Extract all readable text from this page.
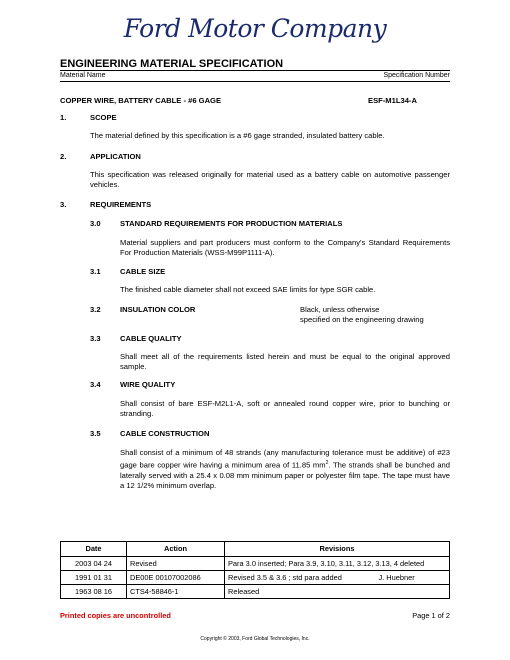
Ford Motor Company
ENGINEERING MATERIAL SPECIFICATION
Material Name	Specification Number
COPPER WIRE, BATTERY CABLE - #6 GAGE	ESF-M1L34-A
1.	SCOPE
The material defined by this specification is a #6 gage stranded, insulated battery cable.
2.	APPLICATION
This specification was released originally for material used as a battery cable on automotive passenger vehicles.
3.	REQUIREMENTS
3.0	STANDARD REQUIREMENTS FOR PRODUCTION MATERIALS
Material suppliers and part producers must conform to the Company's Standard Requirements For Production Materials (WSS-M99P1111-A).
3.1	CABLE SIZE
The finished cable diameter shall not exceed SAE limits for type SGR cable.
3.2	INSULATION COLOR	Black, unless otherwise
specified on the engineering drawing
3.3	CABLE QUALITY
Shall meet all of the requirements listed herein and must be equal to the original approved sample.
3.4	WIRE QUALITY
Shall consist of bare ESF-M2L1-A, soft or annealed round copper wire, prior to bunching or stranding.
3.5	CABLE CONSTRUCTION
Shall consist of a minimum of 48 strands (any manufacturing tolerance must be additive) of #23 gage bare copper wire having a minimum area of 11.85 $mm^2$. The strands shall be bunched and laterally served with a 25.4 x 0.08 mm minimum paper or polyester film tape. The tape must have a 12 1/2% minimum overlap.
Date	Action	Revisions
2003 04 24	Revised	Para 3.0 inserted; Para 3.9, 3.10, 3.11, 3.12, 3.13, 4 deleted
1991 01 31	DE00E 00107002086	Revised 3.5 & 3.6 ; std para added J. Huebner

1963 08 16	CTS4-58846-1	Released
Printed copies are uncontrolled	Page 1 of 2
Copyright © 2003, Ford Global Technologies, Inc.
